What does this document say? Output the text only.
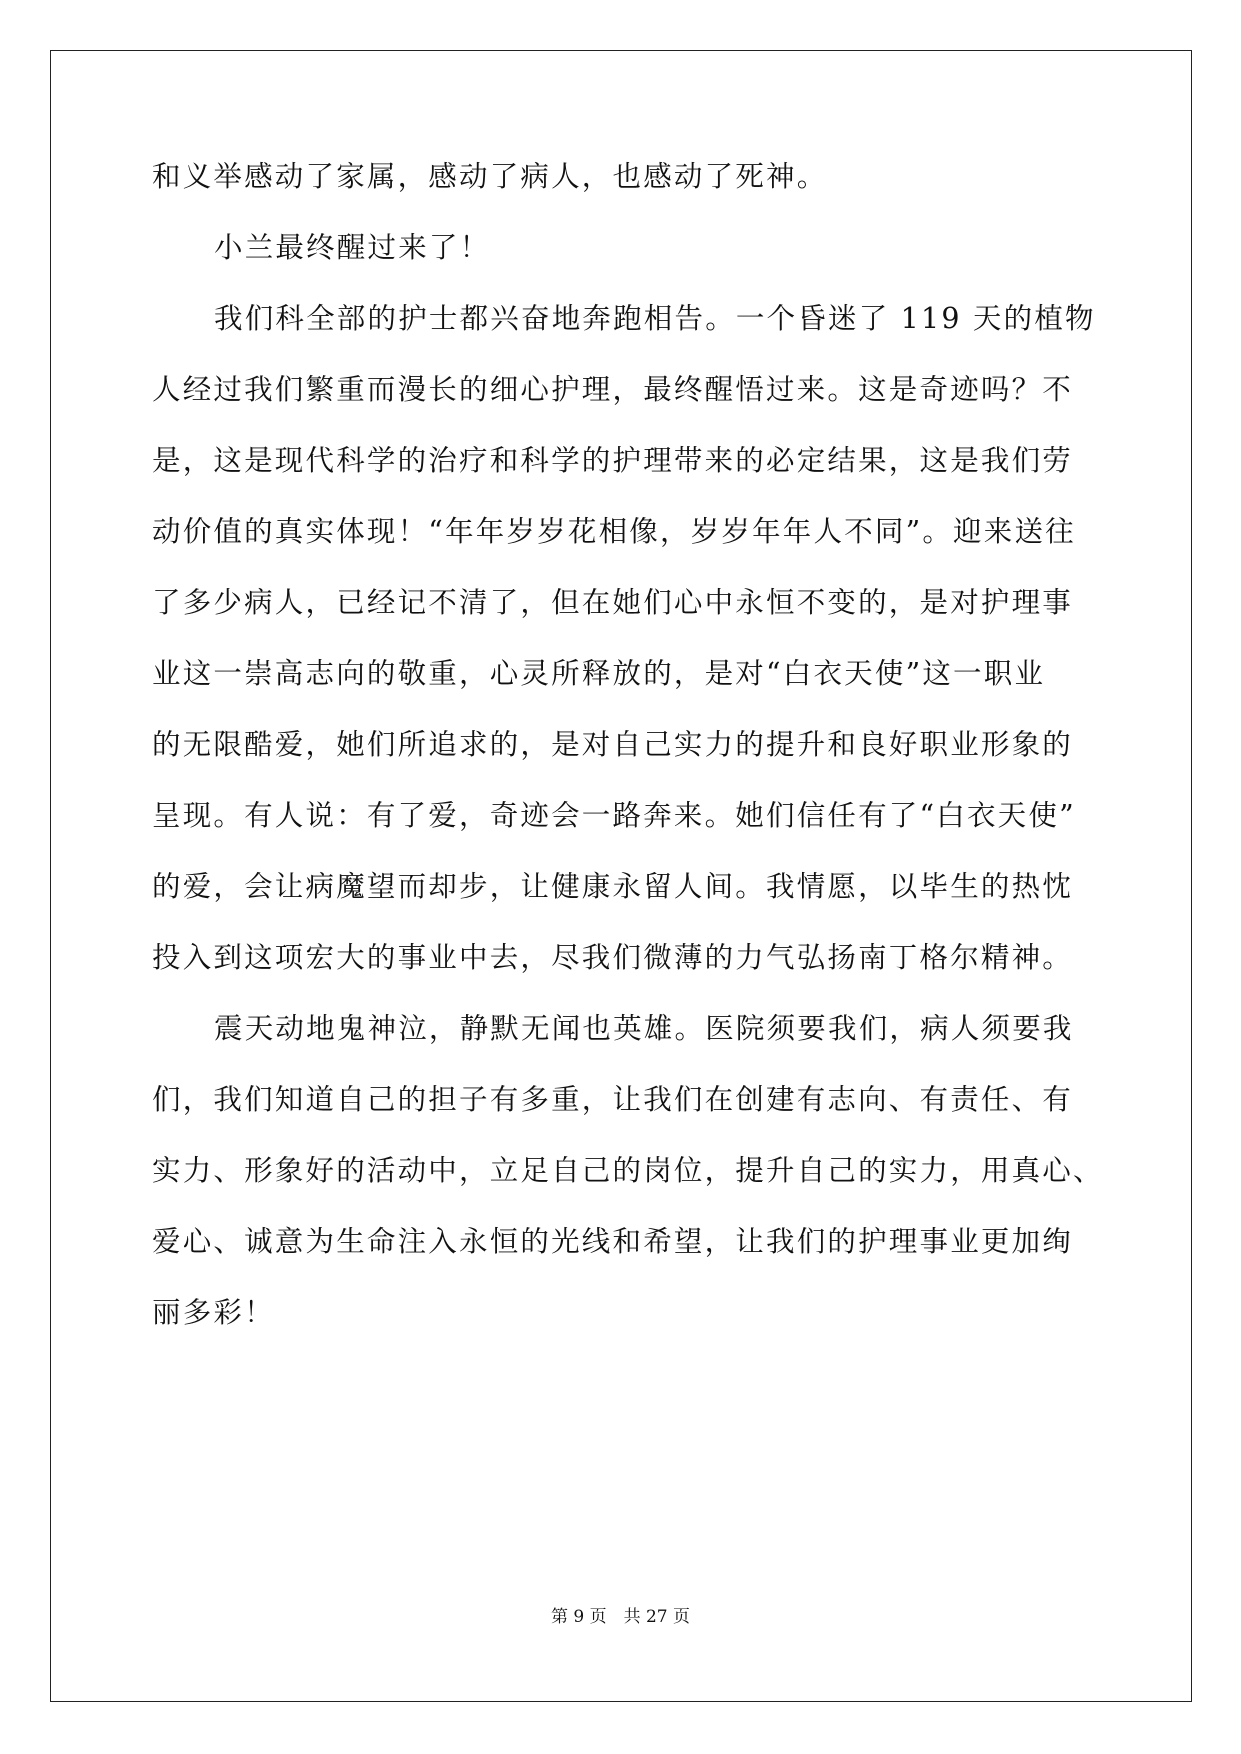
和义举感动了家属，感动了病人，也感动了死神。
小兰最终醒过来了！
我们科全部的护士都兴奋地奔跑相告。一个昏迷了 119 天的植物
人经过我们繁重而漫长的细心护理，最终醒悟过来。这是奇迹吗？不
是，这是现代科学的治疗和科学的护理带来的必定结果，这是我们劳
动价值的真实体现！“年年岁岁花相像，岁岁年年人不同”。迎来送往
了多少病人，已经记不清了，但在她们心中永恒不变的，是对护理事
业这一崇高志向的敬重，心灵所释放的，是对“白衣天使”这一职业
的无限酷爱，她们所追求的，是对自己实力的提升和良好职业形象的
呈现。有人说：有了爱，奇迹会一路奔来。她们信任有了“白衣天使”
的爱，会让病魔望而却步，让健康永留人间。我情愿，以毕生的热忱
投入到这项宏大的事业中去，尽我们微薄的力气弘扬南丁格尔精神。
震天动地鬼神泣，静默无闻也英雄。医院须要我们，病人须要我
们，我们知道自己的担子有多重，让我们在创建有志向、有责任、有
实力、形象好的活动中，立足自己的岗位，提升自己的实力，用真心、
爱心、诚意为生命注入永恒的光线和希望，让我们的护理事业更加绚
丽多彩！
第 9 页　共 27 页
